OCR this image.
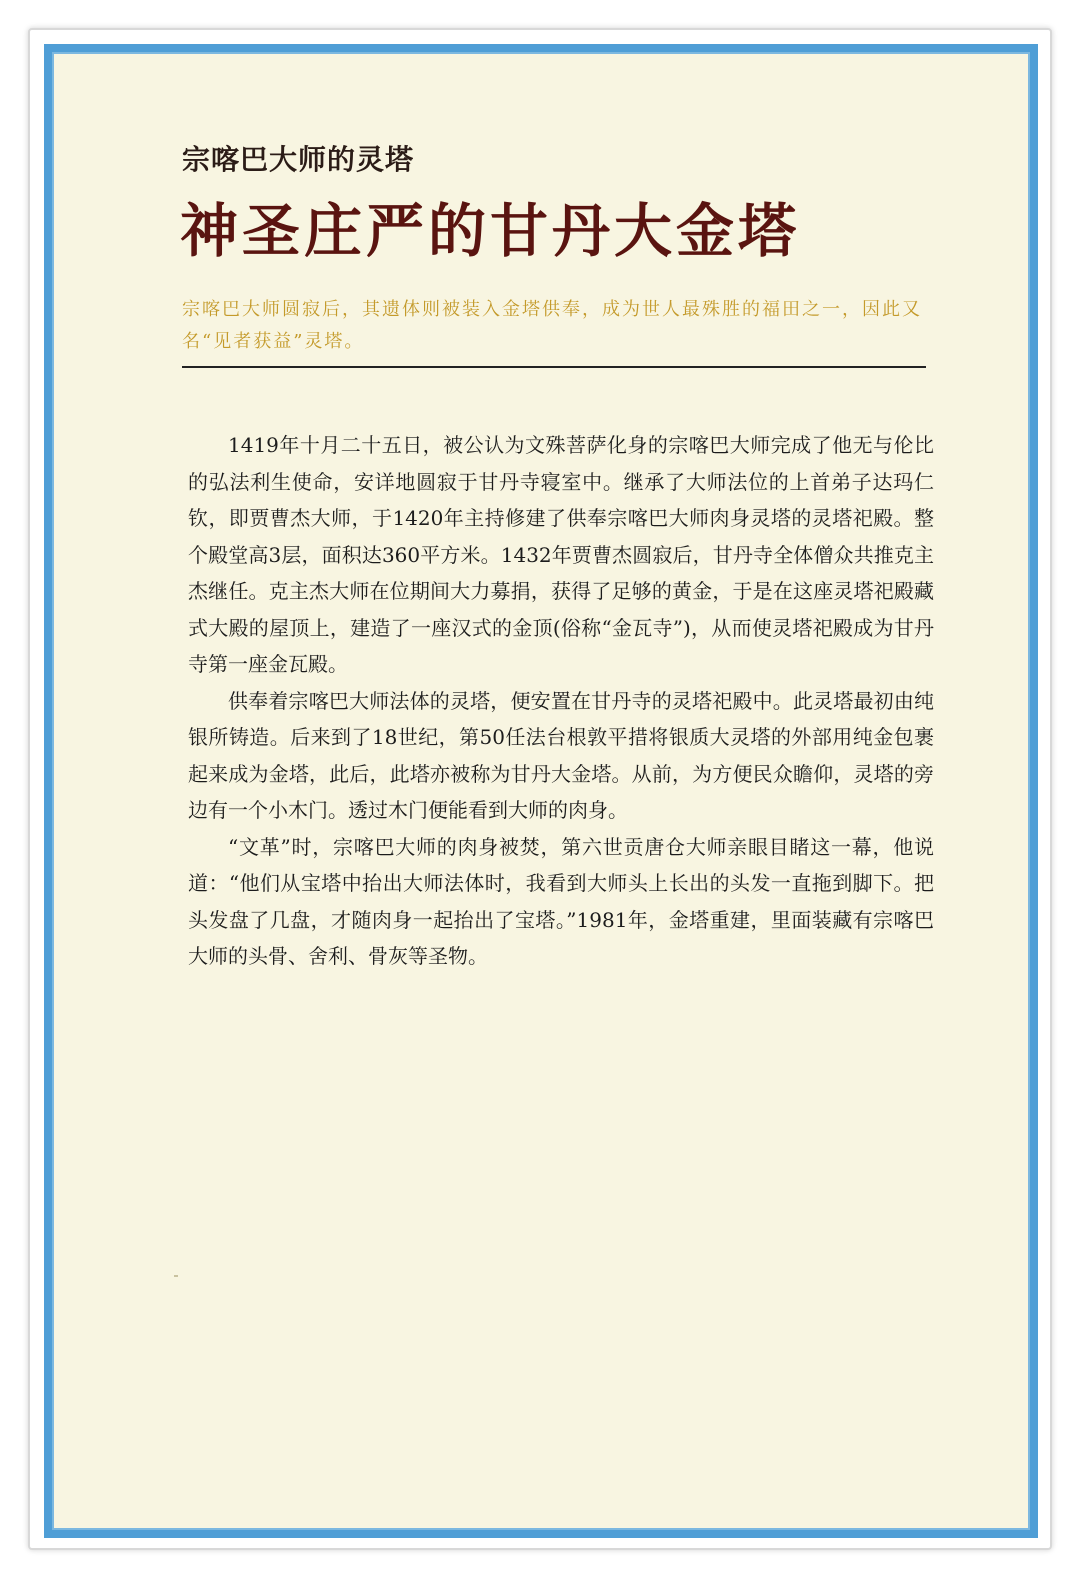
宗喀巴大师的灵塔
神圣庄严的甘丹大金塔
宗喀巴大师圆寂后，其遗体则被装入金塔供奉，成为世人最殊胜的福田之一，因此又名“见者获益”灵塔。

1419年十月二十五日，被公认为文殊菩萨化身的宗喀巴大师完成了他无与伦比的弘法利生使命，安详地圆寂于甘丹寺寝室中。继承了大师法位的上首弟子达玛仁钦，即贾曹杰大师，于1420年主持修建了供奉宗喀巴大师肉身灵塔的灵塔祀殿。整个殿堂高3层，面积达360平方米。1432年贾曹杰圆寂后，甘丹寺全体僧众共推克主杰继任。克主杰大师在位期间大力募捐，获得了足够的黄金，于是在这座灵塔祀殿藏式大殿的屋顶上，建造了一座汉式的金顶(俗称“金瓦寺”)，从而使灵塔祀殿成为甘丹寺第一座金瓦殿。

供奉着宗喀巴大师法体的灵塔，便安置在甘丹寺的灵塔祀殿中。此灵塔最初由纯银所铸造。后来到了18世纪，第50任法台根敦平措将银质大灵塔的外部用纯金包裹起来成为金塔，此后，此塔亦被称为甘丹大金塔。从前，为方便民众瞻仰，灵塔的旁边有一个小木门。透过木门便能看到大师的肉身。

“文革”时，宗喀巴大师的肉身被焚，第六世贡唐仓大师亲眼目睹这一幕，他说道：“他们从宝塔中抬出大师法体时，我看到大师头上长出的头发一直拖到脚下。把头发盘了几盘，才随肉身一起抬出了宝塔。”1981年，金塔重建，里面装藏有宗喀巴大师的头骨、舍利、骨灰等圣物。
